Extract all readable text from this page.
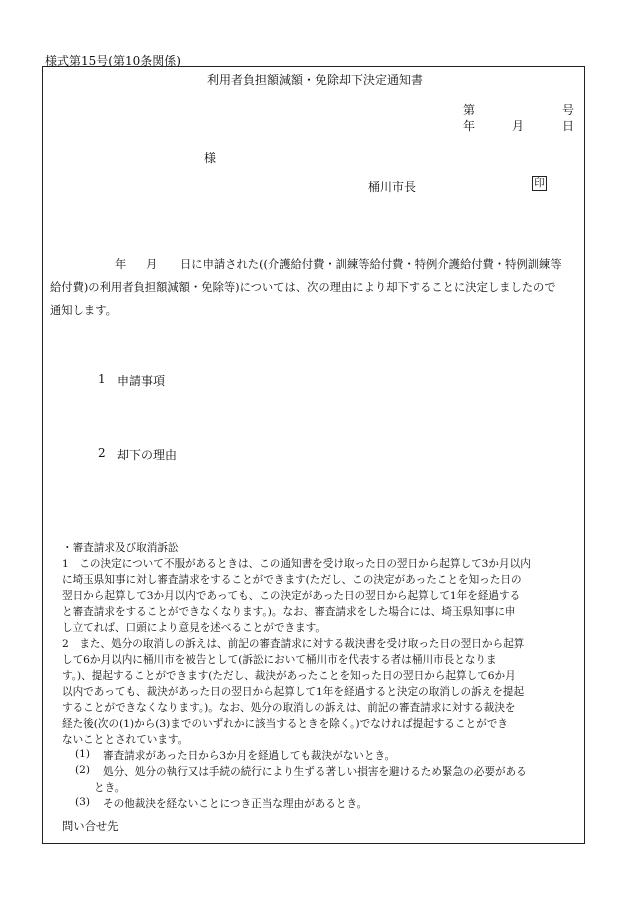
様式第15号(第10条関係)
利用者負担額減額・免除却下決定通知書
第	号
年	月	日
様
桶川市長	印
年 月 日に申請された((介護給付費・訓練等給付費・特例介護給付費・特例訓練等
給付費)の利用者負担額減額・免除等)については、次の理由により却下することに決定しましたので
通知します。
1 申請事項
2 却下の理由
・審査請求及び取消訴訟
1　この決定について不服があるときは、この通知書を受け取った日の翌日から起算して3か月以内
に埼玉県知事に対し審査請求をすることができます(ただし、この決定があったことを知った日の
翌日から起算して3か月以内であっても、この決定があった日の翌日から起算して1年を経過する
と審査請求をすることができなくなります。)。なお、審査請求をした場合には、埼玉県知事に申
し立てれば、口頭により意見を述べることができます。
2　また、処分の取消しの訴えは、前記の審査請求に対する裁決書を受け取った日の翌日から起算
して6か月以内に桶川市を被告として(訴訟において桶川市を代表する者は桶川市長となりま
す。)、提起することができます(ただし、裁決があったことを知った日の翌日から起算して6か月
以内であっても、裁決があった日の翌日から起算して1年を経過すると決定の取消しの訴えを提起
することができなくなります。)。なお、処分の取消しの訴えは、前記の審査請求に対する裁決を
経た後(次の(1)から(3)までのいずれかに該当するときを除く。)でなければ提起することができ
ないこととされています。
(1) 審査請求があった日から3か月を経過しても裁決がないとき。
(2) 処分、処分の執行又は手続の続行により生ずる著しい損害を避けるため緊急の必要がある
とき。
(3) その他裁決を経ないことにつき正当な理由があるとき。
問い合せ先
